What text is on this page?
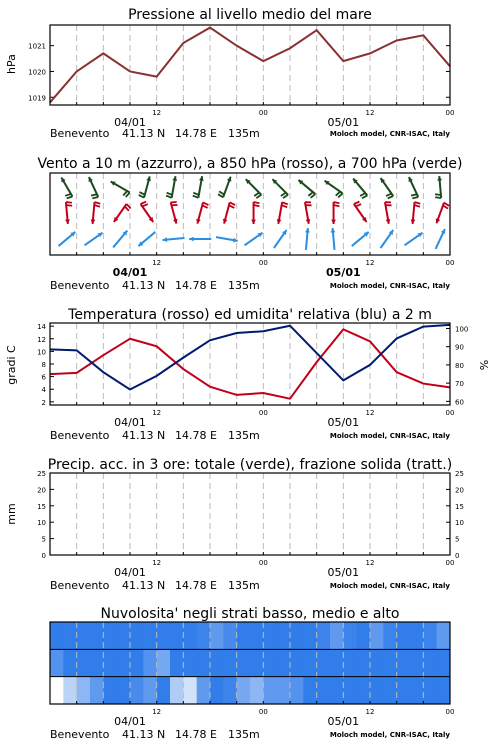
Pressione al livello medio del mare
hPa
1019
1020
1021
12	00	12	00
04/01	05/01
Benevento 41.13 N 14.78 E 135m	Moloch model, CNR-ISAC, Italy
Vento a 10 m (azzurro), a 850 hPa (rosso), a 700 hPa (verde)
12	00	12	00
04/01	05/01
Benevento 41.13 N 14.78 E 135m	Moloch model, CNR-ISAC, Italy
Temperatura (rosso) ed umidita' relativa (blu) a 2 m
gradi C	%
2
4
6
8
10
12
14
60
70
80
90
100
12	00	12	00
04/01	05/01
Benevento 41.13 N 14.78 E 135m	Moloch model, CNR-ISAC, Italy
Precip. acc. in 3 ore: totale (verde), frazione solida (tratt.)
mm
0	0
5	5
10	10
15	15
20	20
25	25
12	00	12	00
04/01	05/01
Benevento 41.13 N 14.78 E 135m	Moloch model, CNR-ISAC, Italy
Nuvolosita' negli strati basso, medio e alto
12	00	12	00
04/01	05/01
Benevento 41.13 N 14.78 E 135m	Moloch model, CNR-ISAC, Italy
